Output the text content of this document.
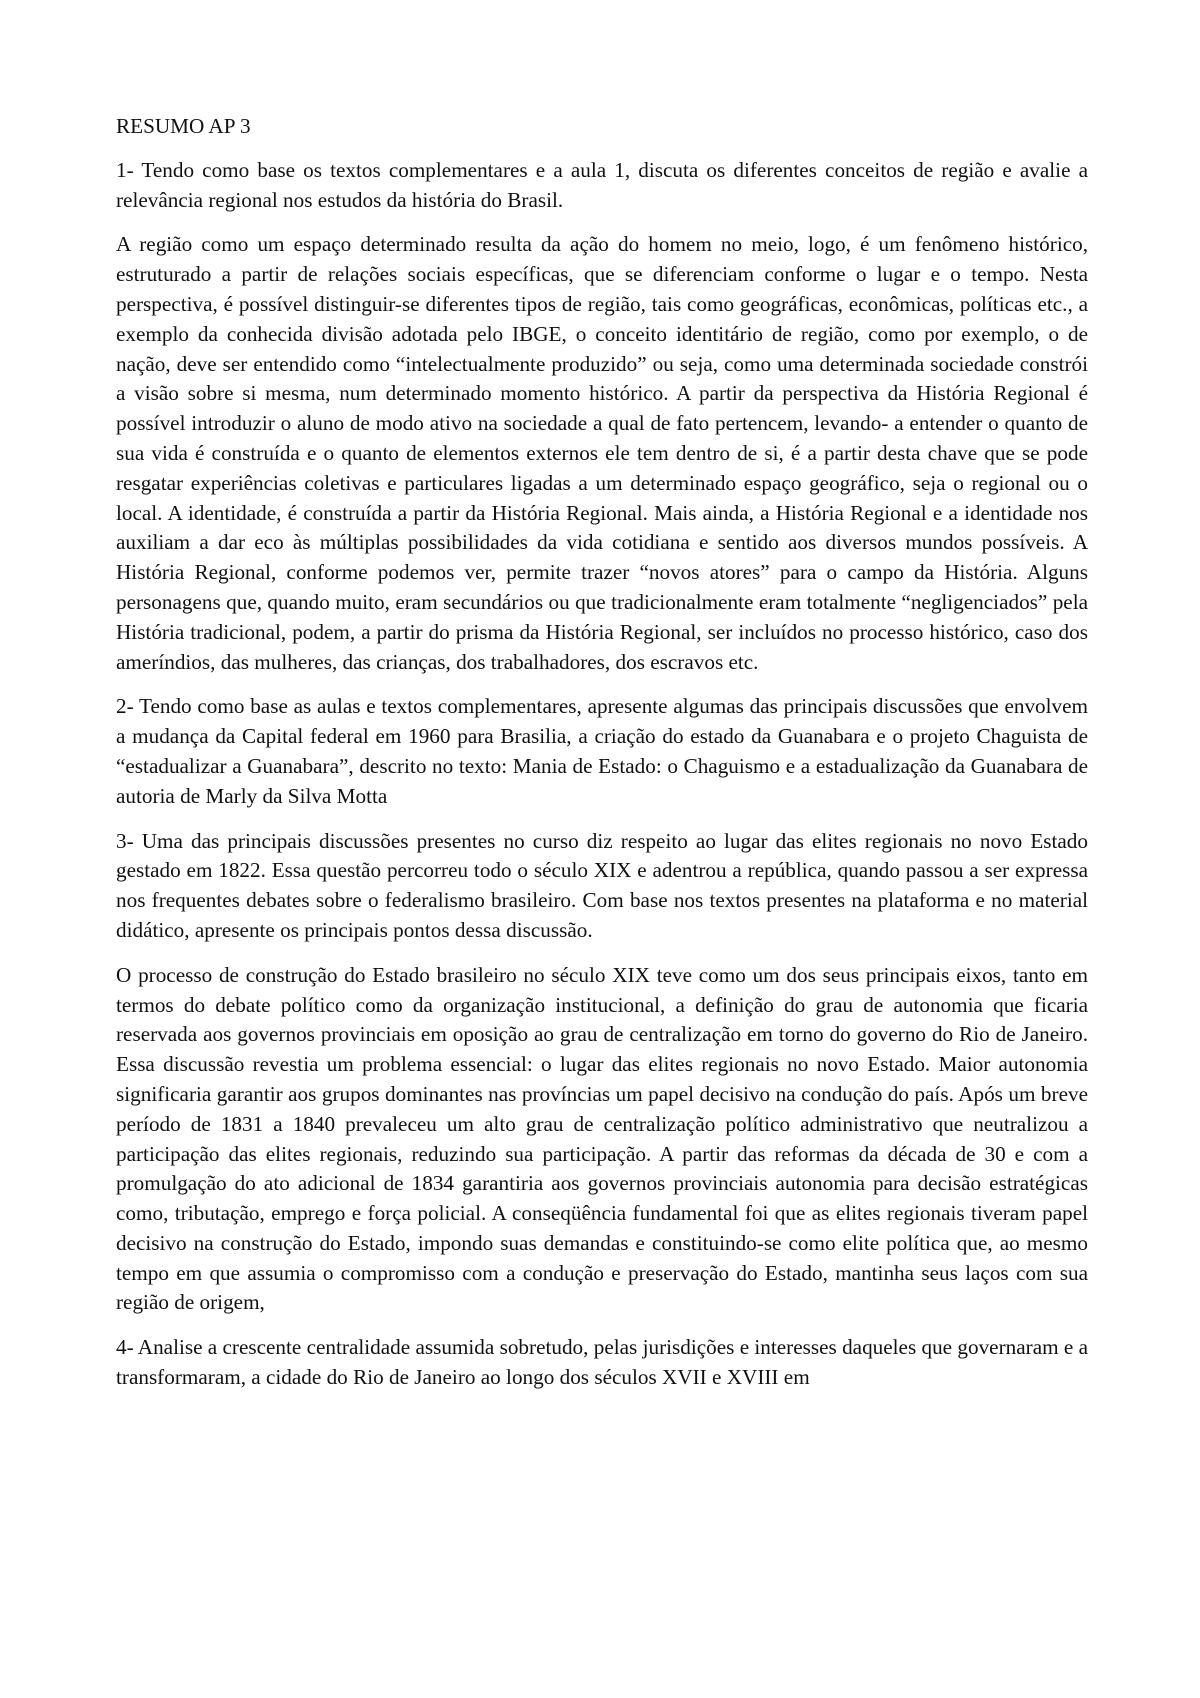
RESUMO AP 3

1- Tendo como base os textos complementares e a aula 1, discuta os diferentes conceitos de região e avalie a relevância regional nos estudos da história do Brasil.

A região como um espaço determinado resulta da ação do homem no meio, logo, é um fenômeno histórico, estruturado a partir de relações sociais específicas, que se diferenciam conforme o lugar e o tempo. Nesta perspectiva, é possível distinguir-se diferentes tipos de região, tais como geográficas, econômicas, políticas etc., a exemplo da conhecida divisão adotada pelo IBGE, o conceito identitário de região, como por exemplo, o de nação, deve ser entendido como “intelectualmente produzido” ou seja, como uma determinada sociedade constrói a visão sobre si mesma, num determinado momento histórico. A partir da perspectiva da História Regional é possível introduzir o aluno de modo ativo na sociedade a qual de fato pertencem, levando- a entender o quanto de sua vida é construída e o quanto de elementos externos ele tem dentro de si, é a partir desta chave que se pode resgatar experiências coletivas e particulares ligadas a um determinado espaço geográfico, seja o regional ou o local. A identidade, é construída a partir da História Regional. Mais ainda, a História Regional e a identidade nos auxiliam a dar eco às múltiplas possibilidades da vida cotidiana e sentido aos diversos mundos possíveis. A História Regional, conforme podemos ver, permite trazer “novos atores” para o campo da História. Alguns personagens que, quando muito, eram secundários ou que tradicionalmente eram totalmente “negligenciados” pela História tradicional, podem, a partir do prisma da História Regional, ser incluídos no processo histórico, caso dos ameríndios, das mulheres, das crianças, dos trabalhadores, dos escravos etc.

2- Tendo como base as aulas e textos complementares, apresente algumas das principais discussões que envolvem a mudança da Capital federal em 1960 para Brasilia, a criação do estado da Guanabara e o projeto Chaguista de “estadualizar a Guanabara”, descrito no texto: Mania de Estado: o Chaguismo e a estadualização da Guanabara de autoria de Marly da Silva Motta

3- Uma das principais discussões presentes no curso diz respeito ao lugar das elites regionais no novo Estado gestado em 1822. Essa questão percorreu todo o século XIX e adentrou a república, quando passou a ser expressa nos frequentes debates sobre o federalismo brasileiro. Com base nos textos presentes na plataforma e no material didático, apresente os principais pontos dessa discussão.

O processo de construção do Estado brasileiro no século XIX teve como um dos seus principais eixos, tanto em termos do debate político como da organização institucional, a definição do grau de autonomia que ficaria reservada aos governos provinciais em oposição ao grau de centralização em torno do governo do Rio de Janeiro. Essa discussão revestia um problema essencial: o lugar das elites regionais no novo Estado. Maior autonomia significaria garantir aos grupos dominantes nas províncias um papel decisivo na condução do país. Após um breve período de 1831 a 1840 prevaleceu um alto grau de centralização político administrativo que neutralizou a participação das elites regionais, reduzindo sua participação. A partir das reformas da década de 30 e com a promulgação do ato adicional de 1834 garantiria aos governos provinciais autonomia para decisão estratégicas como, tributação, emprego e força policial. A conseqüência fundamental foi que as elites regionais tiveram papel decisivo na construção do Estado, impondo suas demandas e constituindo-se como elite política que, ao mesmo tempo em que assumia o compromisso com a condução e preservação do Estado, mantinha seus laços com sua região de origem,

4- Analise a crescente centralidade assumida sobretudo, pelas jurisdições e interesses daqueles que governaram e a transformaram, a cidade do Rio de Janeiro ao longo dos séculos XVII e XVIII em
